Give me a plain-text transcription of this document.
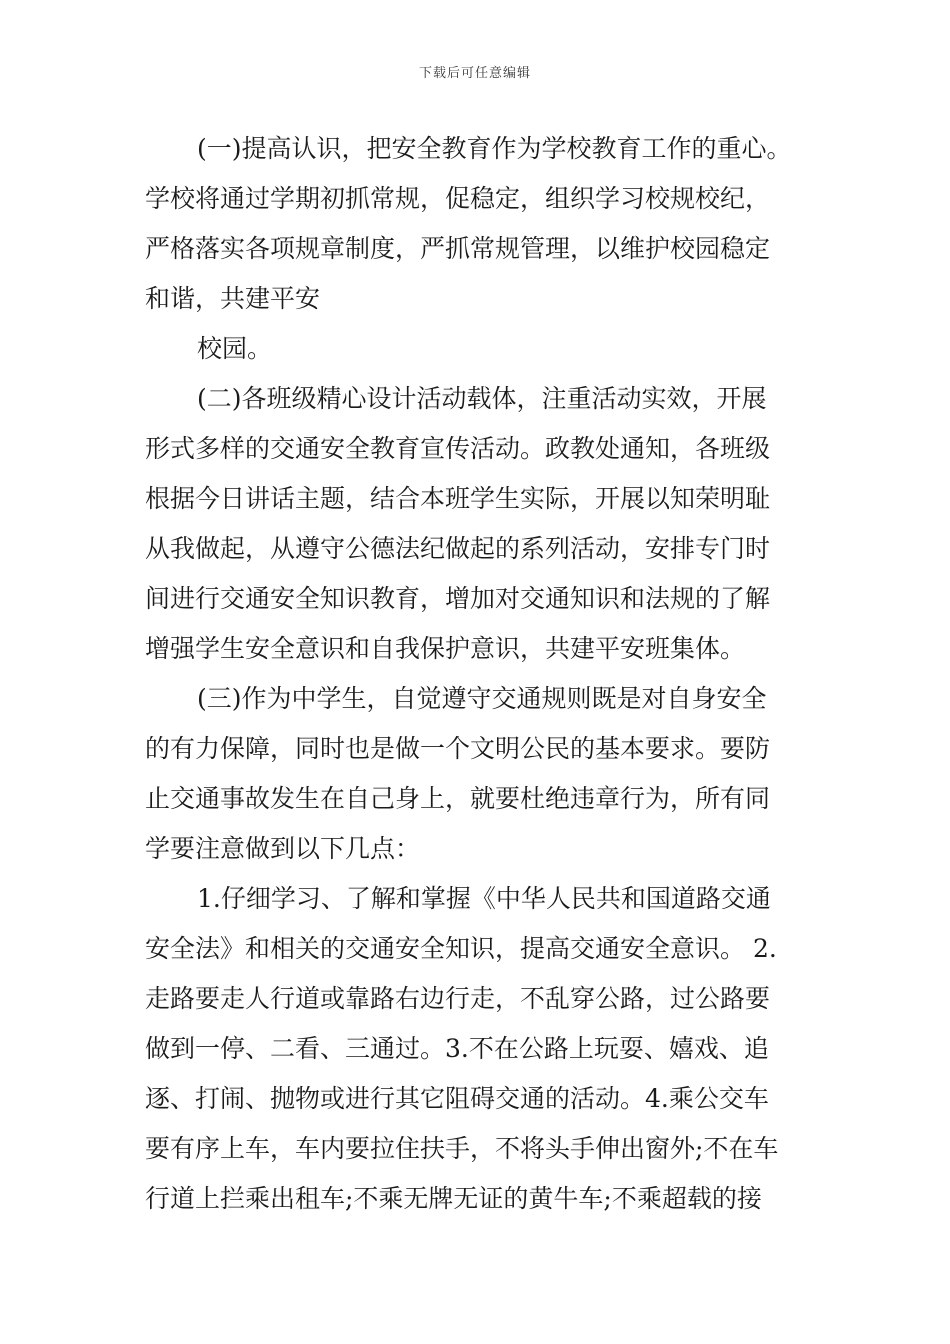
下载后可任意编辑
(一)提高认识，把安全教育作为学校教育工作的重心。
学校将通过学期初抓常规，促稳定，组织学习校规校纪，
严格落实各项规章制度，严抓常规管理，以维护校园稳定
和谐，共建平安
校园。
(二)各班级精心设计活动载体，注重活动实效，开展
形式多样的交通安全教育宣传活动。政教处通知，各班级
根据今日讲话主题，结合本班学生实际，开展以知荣明耻
从我做起，从遵守公德法纪做起的系列活动，安排专门时
间进行交通安全知识教育，增加对交通知识和法规的了解
增强学生安全意识和自我保护意识，共建平安班集体。
(三)作为中学生，自觉遵守交通规则既是对自身安全
的有力保障，同时也是做一个文明公民的基本要求。要防
止交通事故发生在自己身上，就要杜绝违章行为，所有同
学要注意做到以下几点：
1.仔细学习、了解和掌握《中华人民共和国道路交通
安全法》和相关的交通安全知识，提高交通安全意识。 2.
走路要走人行道或靠路右边行走，不乱穿公路，过公路要
做到一停、二看、三通过。3.不在公路上玩耍、嬉戏、追
逐、打闹、抛物或进行其它阻碍交通的活动。4.乘公交车
要有序上车，车内要拉住扶手，不将头手伸出窗外;不在车
行道上拦乘出租车;不乘无牌无证的黄牛车;不乘超载的接
